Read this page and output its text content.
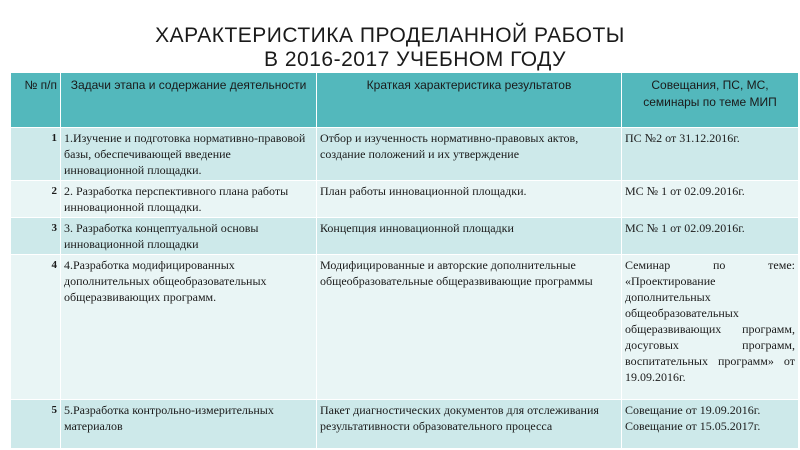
ХАРАКТЕРИСТИКА ПРОДЕЛАННОЙ РАБОТЫ
В 2016-2017 УЧЕБНОМ ГОДУ
№ п/п	Задачи этапа и содержание деятельности	Краткая характеристика результатов	Совещания, ПС, МС, семинары по теме МИП
1	1.Изучение и подготовка нормативно-правовой базы, обеспечивающей введение инновационной площадки.	Отбор и изученность нормативно-правовых актов, создание положений и их утверждение	ПС №2 от 31.12.2016г.
2	2. Разработка перспективного плана работы инновационной площадки.	План работы инновационной площадки.	МС № 1 от 02.09.2016г.
3	3. Разработка концептуальной основы инновационной площадки	Концепция инновационной площадки	МС № 1 от 02.09.2016г.
4	4.Разработка модифицированных дополнительных общеобразовательных общеразвивающих программ.	Модифицированные и авторские дополнительные общеобразовательные общеразвивающие программы	Семинар по теме: «Проектирование дополнительных общеобразовательных общеразвивающих программ, досуговых программ, воспитательных программ» от 19.09.2016г.
5	5.Разработка контрольно-измерительных материалов	Пакет диагностических документов для отслеживания результативности образовательного процесса	Совещание от 19.09.2016г. Совещание от 15.05.2017г.
